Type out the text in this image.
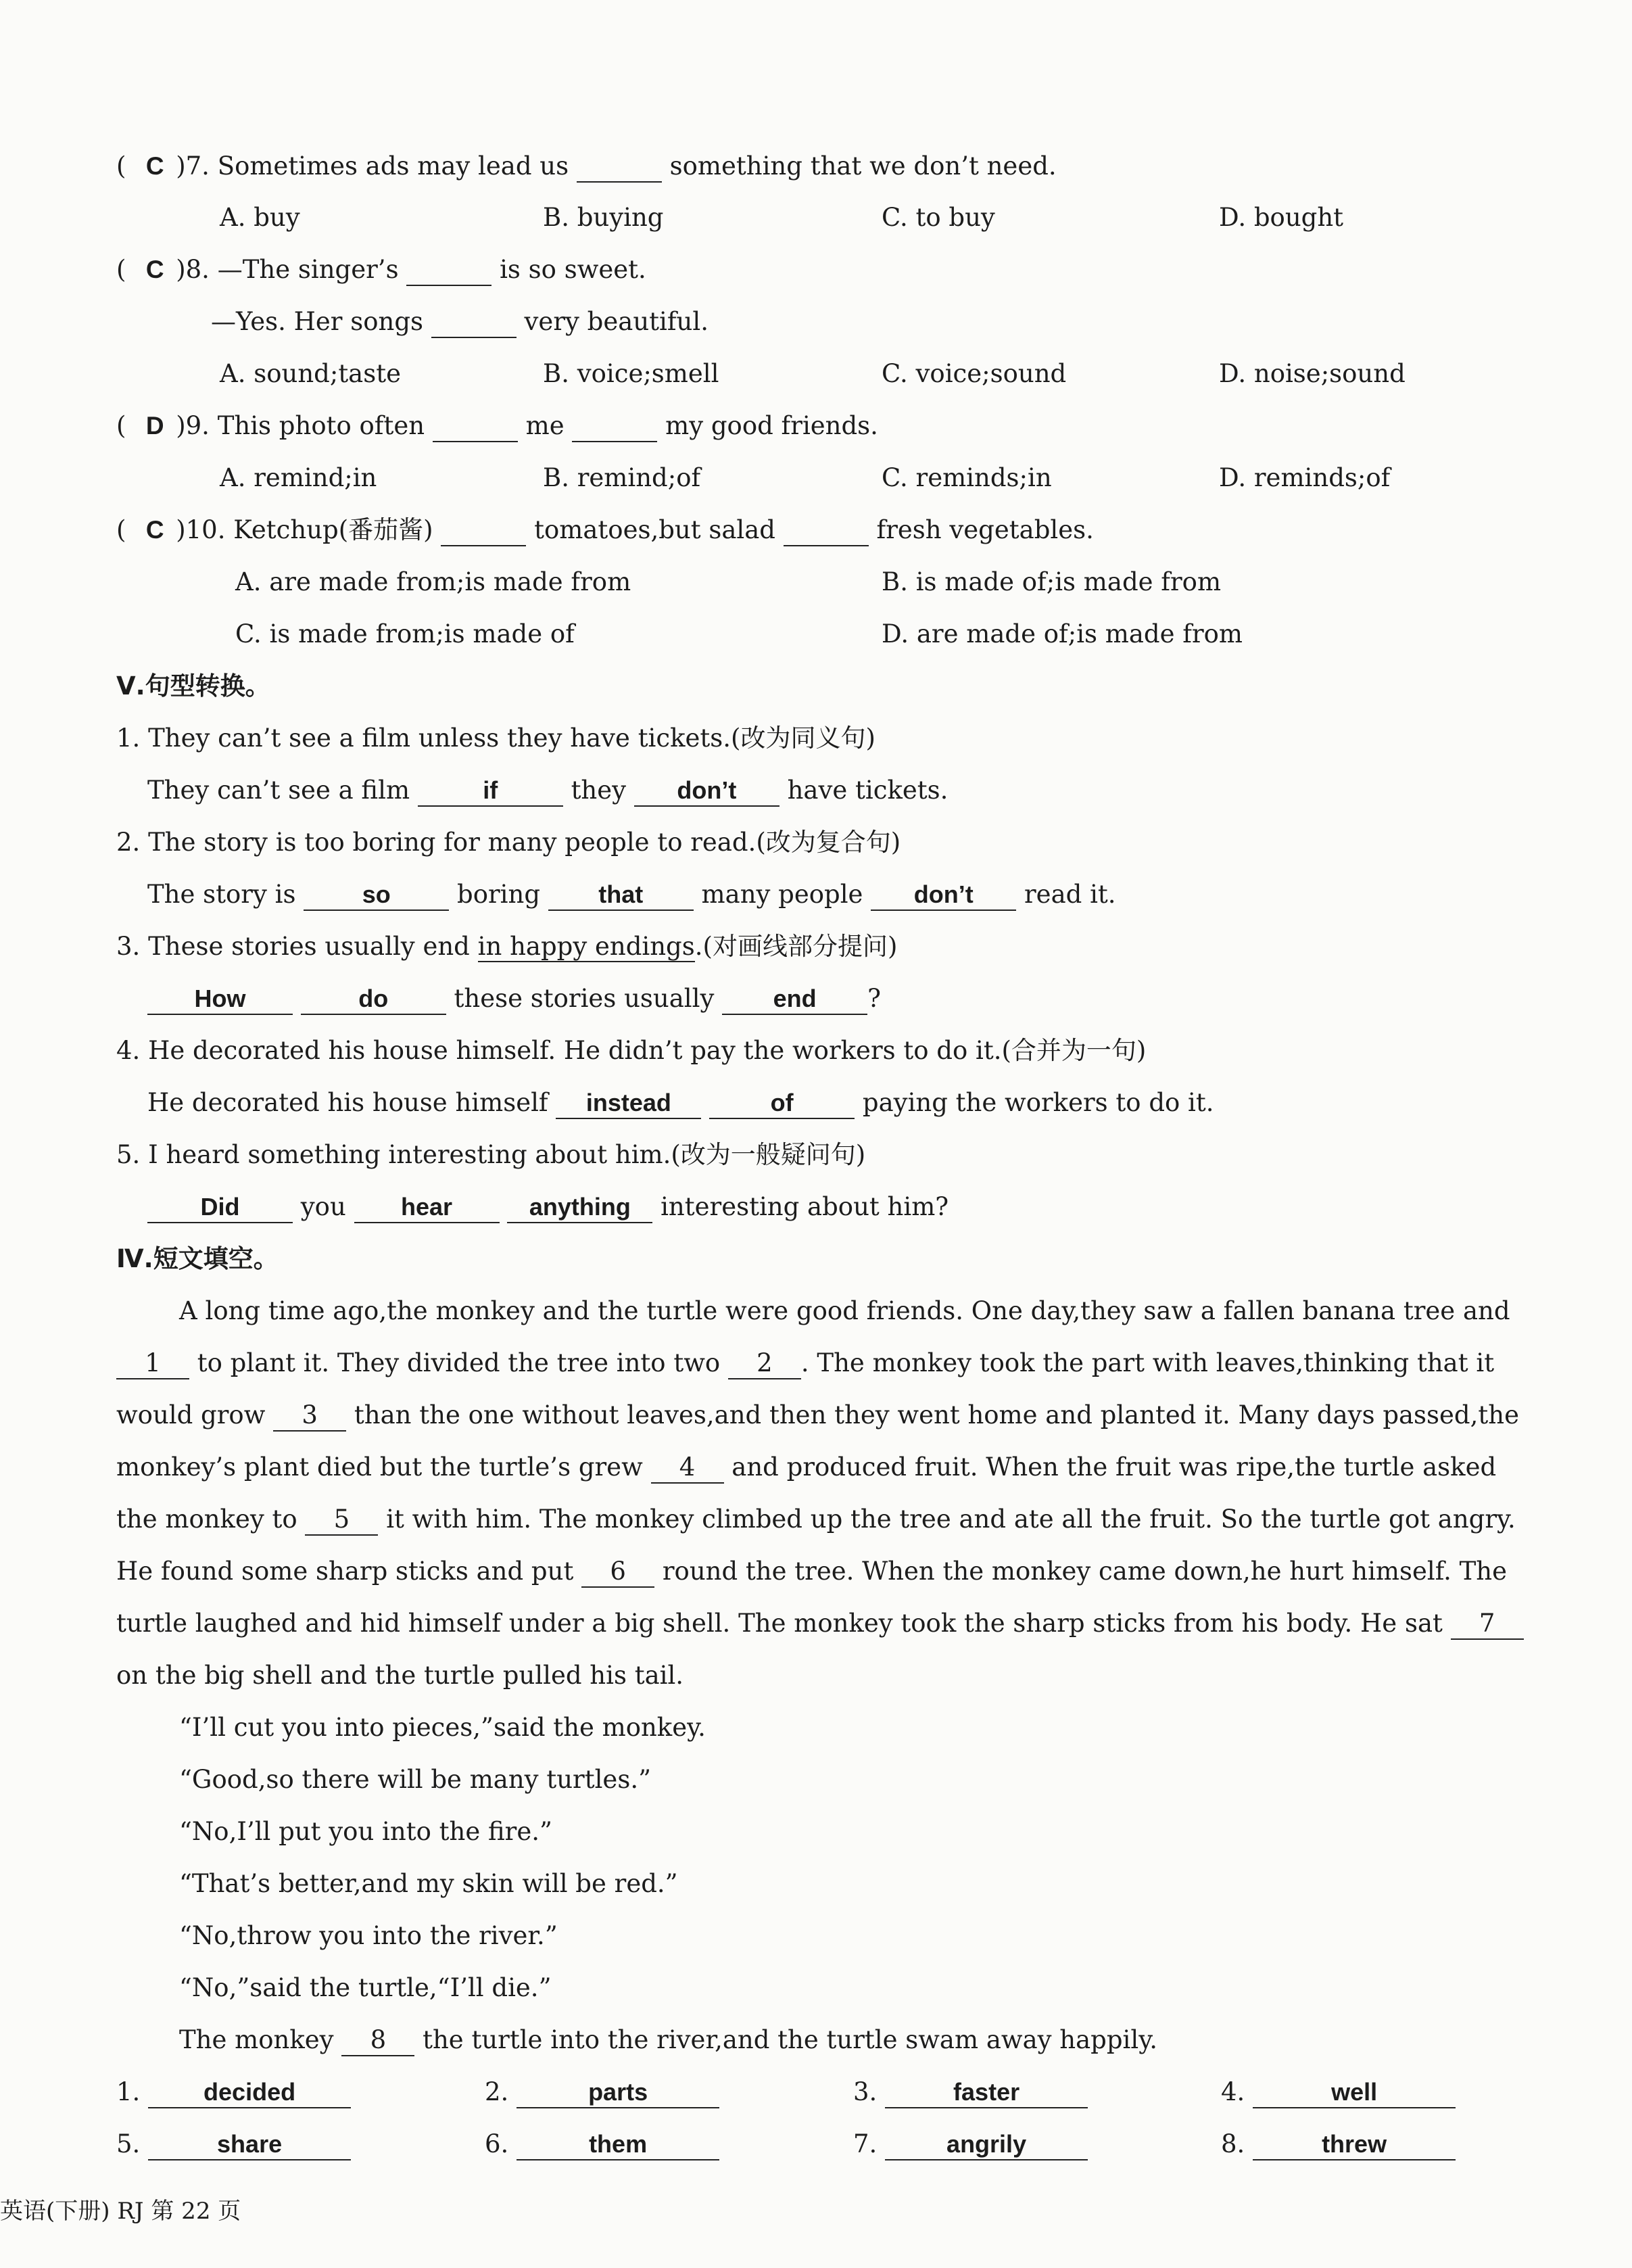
( C )7. Sometimes ads may lead us	something that we don’t need.
A. buy	B. buying	C. to buy	D. bought
( C )8. —The singer’s	is so sweet.
—Yes. Her songs	very beautiful.
A. sound;taste	B. voice;smell	C. voice;sound	D. noise;sound
( D )9. This photo often	me	my good friends.
A. remind;in	B. remind;of	C. reminds;in	D. reminds;of
( C )10. Ketchup(番茄酱)	tomatoes,but salad	fresh vegetables.
A. are made from;is made from	B. is made of;is made from
C. is made from;is made of	D. are made of;is made from
Ⅴ.句型转换。
1. They can’t see a film unless they have tickets.(改为同义句)
They can’t see a film	if	they don’t have tickets.
2. The story is too boring for many people to read.(改为复合句)
The story is	so	boring that many people don’t read it.
3. These stories usually end in happy endings.(对画线部分提问)
How	do	these stories usually end ?
4. He decorated his house himself. He didn’t pay the workers to do it.(合并为一句)
He decorated his house himself instead	of	paying the workers to do it.
5. I heard something interesting about him.(改为一般疑问句)
Did you hear	anything interesting about him?
Ⅳ.短文填空。
A long time ago,the monkey and the turtle were good friends. One day,they saw a fallen banana tree and
1 to plant it. They divided the tree into two 2 . The monkey took the part with leaves,thinking that it
would grow 3 than the one without leaves,and then they went home and planted it. Many days passed,the
monkey’s plant died but the turtle’s grew 4 and produced fruit. When the fruit was ripe,the turtle asked
the monkey to 5 it with him. The monkey climbed up the tree and ate all the fruit. So the turtle got angry.
He found some sharp sticks and put 6 round the tree. When the monkey came down,he hurt himself. The
turtle laughed and hid himself under a big shell. The monkey took the sharp sticks from his body. He sat 7
on the big shell and the turtle pulled his tail.
“I’ll cut you into pieces,”said the monkey.
“Good,so there will be many turtles.”
“No,I’ll put you into the fire.”
“That’s better,and my skin will be red.”
“No,throw you into the river.”
“No,”said the turtle,“I’ll die.”
The monkey 8 the turtle into the river,and the turtle swam away happily.
1.	decided	2.	parts	3.	faster	4.	well
5.	share	6.	them	7.	angrily	8.	threw
英语(下册) RJ 第 22 页
